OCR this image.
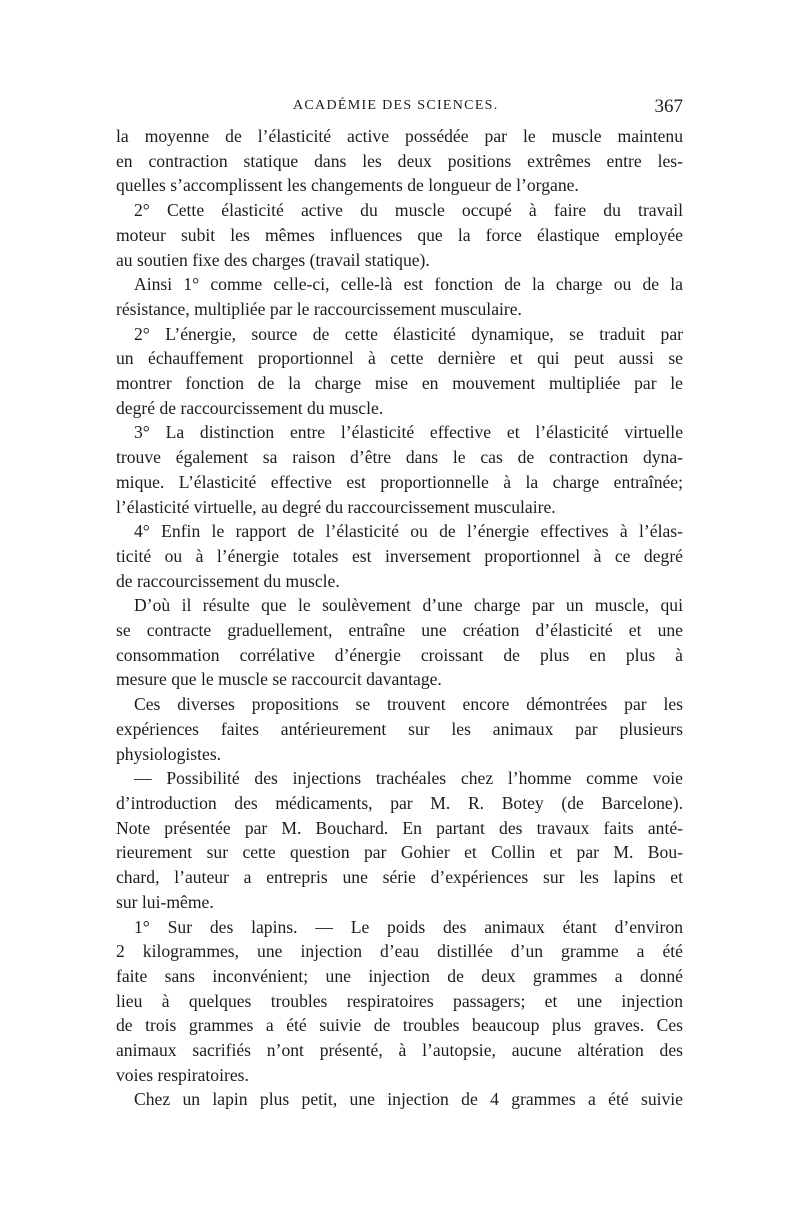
ACADÉMIE DES SCIENCES.	367
la moyenne de l’élasticité active possédée par le muscle maintenu
en contraction statique dans les deux positions extrêmes entre les-
quelles s’accomplissent les changements de longueur de l’organe.
2° Cette élasticité active du muscle occupé à faire du travail
moteur subit les mêmes influences que la force élastique employée
au soutien fixe des charges (travail statique).
Ainsi 1° comme celle-ci, celle-là est fonction de la charge ou de la
résistance, multipliée par le raccourcissement musculaire.
2° L’énergie, source de cette élasticité dynamique, se traduit par
un échauffement proportionnel à cette dernière et qui peut aussi se
montrer fonction de la charge mise en mouvement multipliée par le
degré de raccourcissement du muscle.
3° La distinction entre l’élasticité effective et l’élasticité virtuelle
trouve également sa raison d’être dans le cas de contraction dyna-
mique. L’élasticité effective est proportionnelle à la charge entraînée;
l’élasticité virtuelle, au degré du raccourcissement musculaire.
4° Enfin le rapport de l’élasticité ou de l’énergie effectives à l’élas-
ticité ou à l’énergie totales est inversement proportionnel à ce degré
de raccourcissement du muscle.
D’où il résulte que le soulèvement d’une charge par un muscle, qui
se contracte graduellement, entraîne une création d’élasticité et une
consommation corrélative d’énergie croissant de plus en plus à
mesure que le muscle se raccourcit davantage.
Ces diverses propositions se trouvent encore démontrées par les
expériences faites antérieurement sur les animaux par plusieurs
physiologistes.
— Possibilité des injections trachéales chez l’homme comme voie
d’introduction des médicaments, par M. R. Botey (de Barcelone).
Note présentée par M. Bouchard. En partant des travaux faits anté-
rieurement sur cette question par Gohier et Collin et par M. Bou-
chard, l’auteur a entrepris une série d’expériences sur les lapins et
sur lui-même.
1° Sur des lapins. — Le poids des animaux étant d’environ
2 kilogrammes, une injection d’eau distillée d’un gramme a été
faite sans inconvénient; une injection de deux grammes a donné
lieu à quelques troubles respiratoires passagers; et une injection
de trois grammes a été suivie de troubles beaucoup plus graves. Ces
animaux sacrifiés n’ont présenté, à l’autopsie, aucune altération des
voies respiratoires.
Chez un lapin plus petit, une injection de 4 grammes a été suivie
